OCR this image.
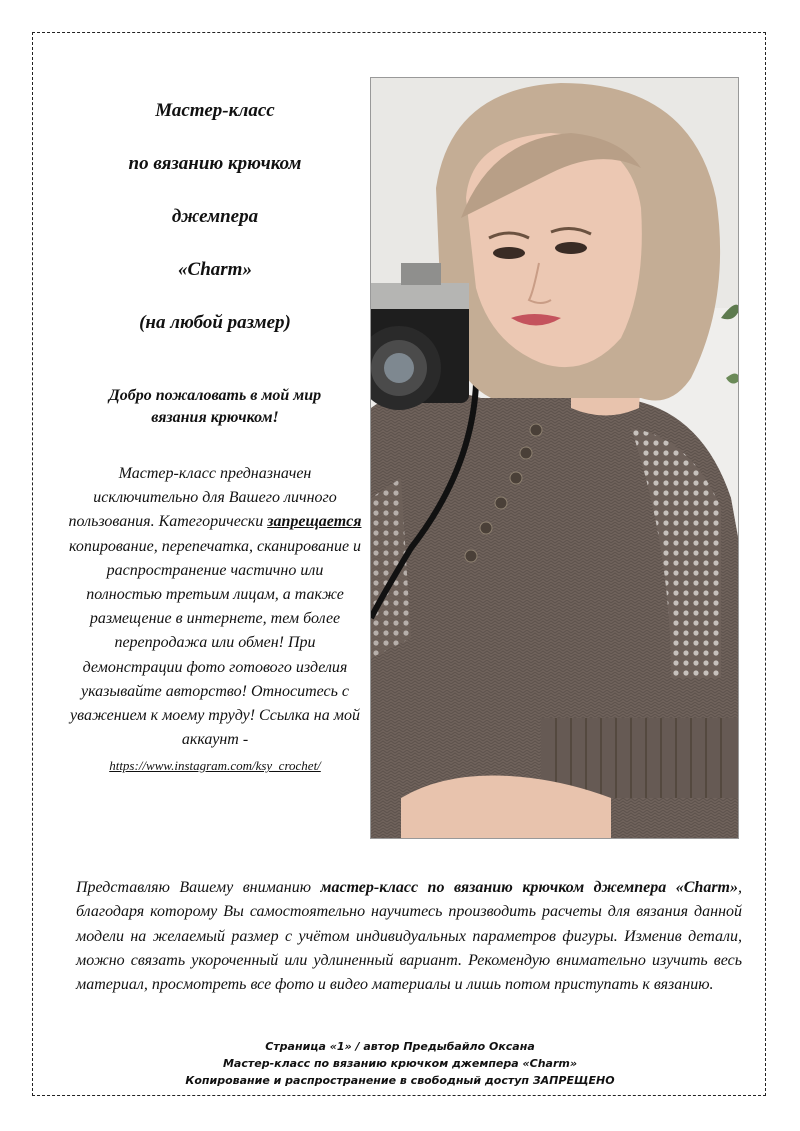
Мастер-класс

по вязанию крючком

джемпера

«Charm»

(на любой размер)

Добро пожаловать в мой мир
вязания крючком!
Мастер-класс предназначен исключительно для Вашего личного пользования. Категорически запрещается копирование, перепечатка, сканирование и распространение частично или полностью третьим лицам, а также размещение в интернете, тем более перепродажа или обмен! При демонстрации фото готового изделия указывайте авторство! Относитесь с уважением к моему труду! Ссылка на мой аккаунт -
https://www.instagram.com/ksy_crochet/
Представляю Вашему вниманию мастер-класс по вязанию крючком джемпера «Charm», благодаря которому Вы самостоятельно научитесь производить расчеты для вязания данной модели на желаемый размер с учётом индивидуальных параметров фигуры. Изменив детали, можно связать укороченный или удлиненный вариант. Рекомендую внимательно изучить весь материал, просмотреть все фото и видео материалы и лишь потом приступать к вязанию.
Страница «1» / автор Предыбайло Оксана
Мастер-класс по вязанию крючком джемпера «Charm»
Копирование и распространение в свободный доступ ЗАПРЕЩЕНО
